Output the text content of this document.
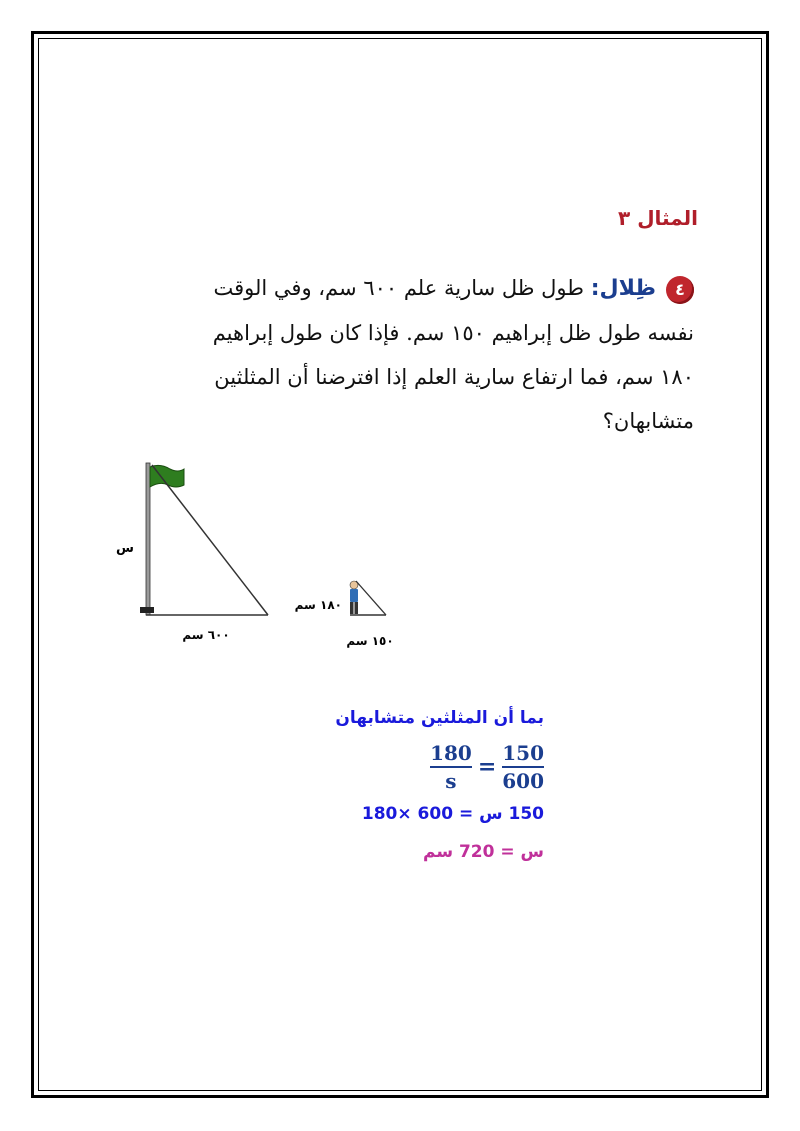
المثال ٣
٤ظِلال: طول ظل سارية علم ٦٠٠ سم، وفي الوقت نفسه طول ظل إبراهيم ١٥٠ سم. فإذا كان طول إبراهيم ١٨٠ سم، فما ارتفاع سارية العلم إذا افترضنا أن المثلثين متشابهان؟
س
٦٠٠ سم
١٨٠ سم
١٥٠ سم
بما أن المثلثين متشابهان
$\frac{180}{s} = \frac{150}{600}$
150 س = 600 ×180
س = 720 سم
